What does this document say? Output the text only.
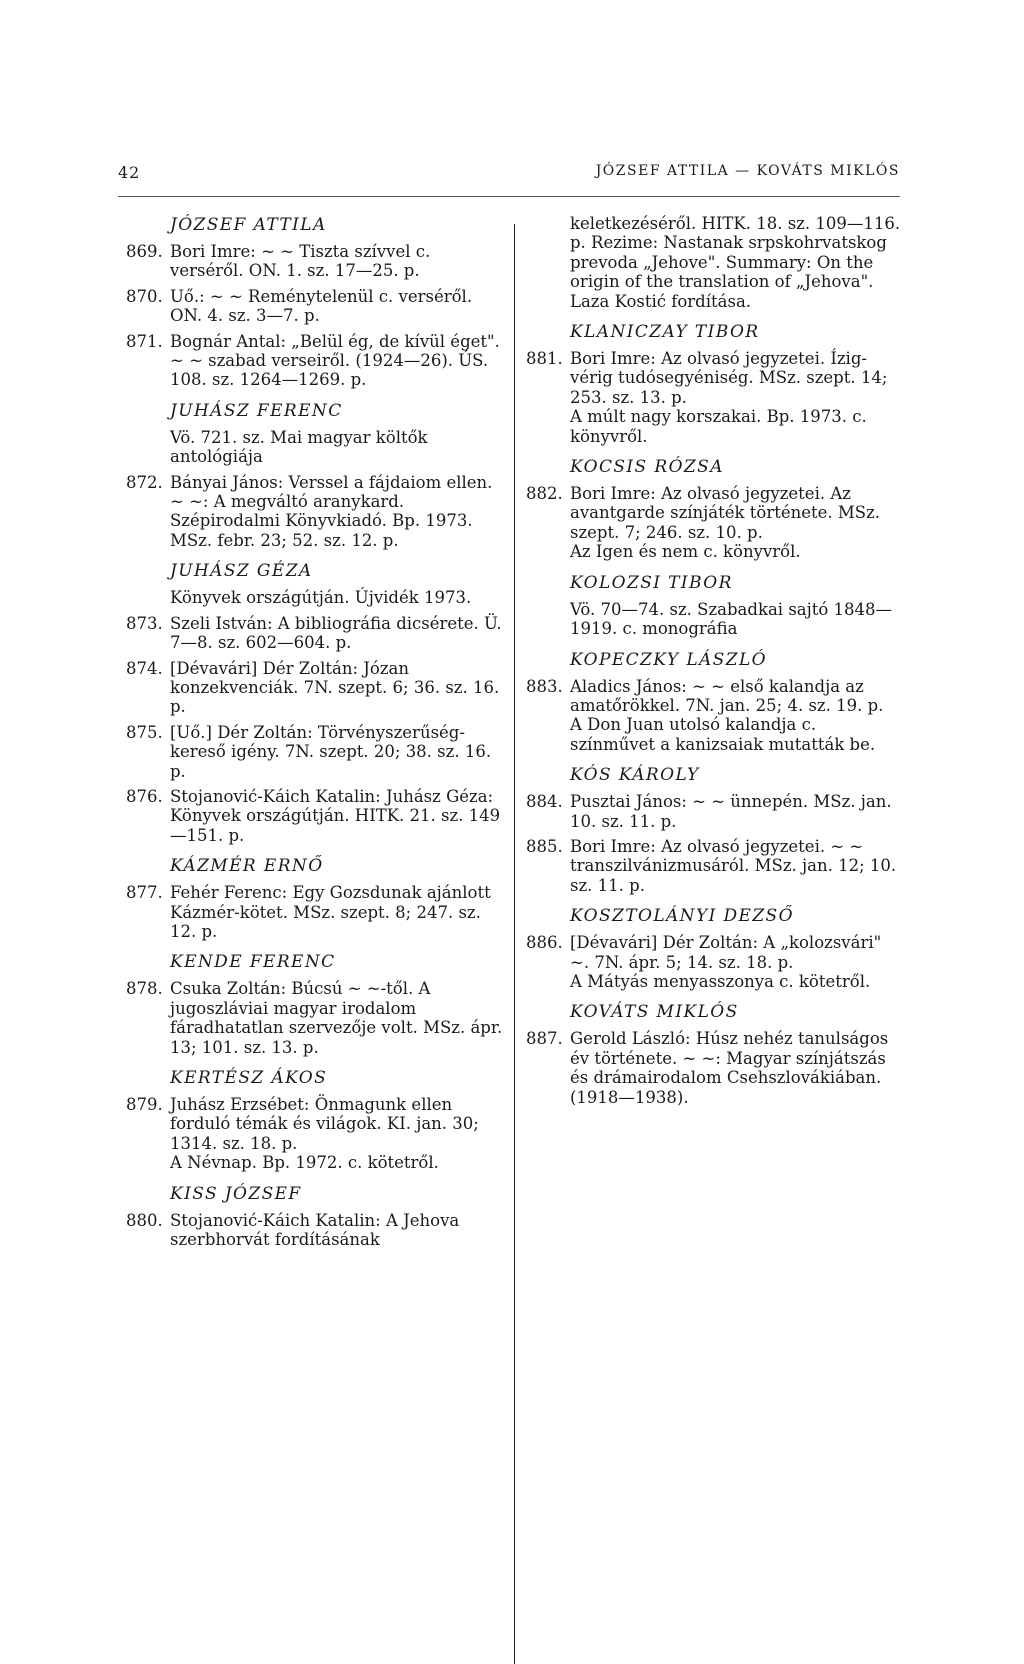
42	JÓZSEF ATTILA — KOVÁTS MIKLÓS
JÓZSEF ATTILA
869. Bori Imre: ~ ~ Tiszta szívvel c. verséről. ON. 1. sz. 17—25. p.
870. Uő.: ~ ~ Reménytelenül c. verséről. ON. 4. sz. 3—7. p.
871. Bognár Antal: „Belül ég, de kívül éget". ~ ~ szabad verseiről. (1924—26). ÚS. 108. sz. 1264—1269. p.
JUHÁSZ FERENC
Vö. 721. sz. Mai magyar költők antológiája
872. Bányai János: Verssel a fájdaiom ellen. ~ ~: A megváltó aranykard. Szépirodalmi Könyvkiadó. Bp. 1973. MSz. febr. 23; 52. sz. 12. p.
JUHÁSZ GÉZA
Könyvek országútján. Újvidék 1973.
873. Szeli István: A bibliográfia dicsérete. Ü. 7—8. sz. 602—604. p.
874. [Dévavári] Dér Zoltán: Józan konzekvenciák. 7N. szept. 6; 36. sz. 16. p.
875. [Uő.] Dér Zoltán: Törvényszerűség-kereső igény. 7N. szept. 20; 38. sz. 16. p.
876. Stojanović-Káich Katalin: Juhász Géza: Könyvek országútján. HITK. 21. sz. 149—151. p.
KÁZMÉR ERNŐ
877. Fehér Ferenc: Egy Gozsdunak ajánlott Kázmér-kötet. MSz. szept. 8; 247. sz. 12. p.
KENDE FERENC
878. Csuka Zoltán: Búcsú ~ ~-től. A jugoszláviai magyar irodalom fáradhatatlan szervezője volt. MSz. ápr. 13; 101. sz. 13. p.
KERTÉSZ ÁKOS
879. Juhász Erzsébet: Önmagunk ellen forduló témák és világok. KI. jan. 30; 1314. sz. 18. p.
A Névnap. Bp. 1972. c. kötetről.
KISS JÓZSEF
880. Stojanović-Káich Katalin: A Jehova szerbhorvát fordításának
keletkezéséről. HITK. 18. sz. 109—116. p. Rezime: Nastanak srpskohrvatskog prevoda „Jehove". Summary: On the origin of the translation of „Jehova". Laza Kostić fordítása.
KLANICZAY TIBOR
881. Bori Imre: Az olvasó jegyzetei. Ízig-vérig tudósegyéniség. MSz. szept. 14; 253. sz. 13. p.
A múlt nagy korszakai. Bp. 1973. c. könyvről.
KOCSIS RÓZSA
882. Bori Imre: Az olvasó jegyzetei. Az avantgarde színjáték története. MSz. szept. 7; 246. sz. 10. p.
Az Igen és nem c. könyvről.
KOLOZSI TIBOR
Vö. 70—74. sz. Szabadkai sajtó 1848—1919. c. monográfia
KOPECZKY LÁSZLÓ
883. Aladics János: ~ ~ első kalandja az amatőrökkel. 7N. jan. 25; 4. sz. 19. p.
A Don Juan utolsó kalandja c. színművet a kanizsaiak mutatták be.
KÓS KÁROLY
884. Pusztai János: ~ ~ ünnepén. MSz. jan. 10. sz. 11. p.
885. Bori Imre: Az olvasó jegyzetei. ~ ~ transzilvánizmusáról. MSz. jan. 12; 10. sz. 11. p.
KOSZTOLÁNYI DEZSŐ
886. [Dévavári] Dér Zoltán: A „kolozsvári" ~. 7N. ápr. 5; 14. sz. 18. p.
A Mátyás menyasszonya c. kötetről.
KOVÁTS MIKLÓS
887. Gerold László: Húsz nehéz tanulságos év története. ~ ~: Magyar színjátszás és drámairodalom Csehszlovákiában. (1918—1938).
